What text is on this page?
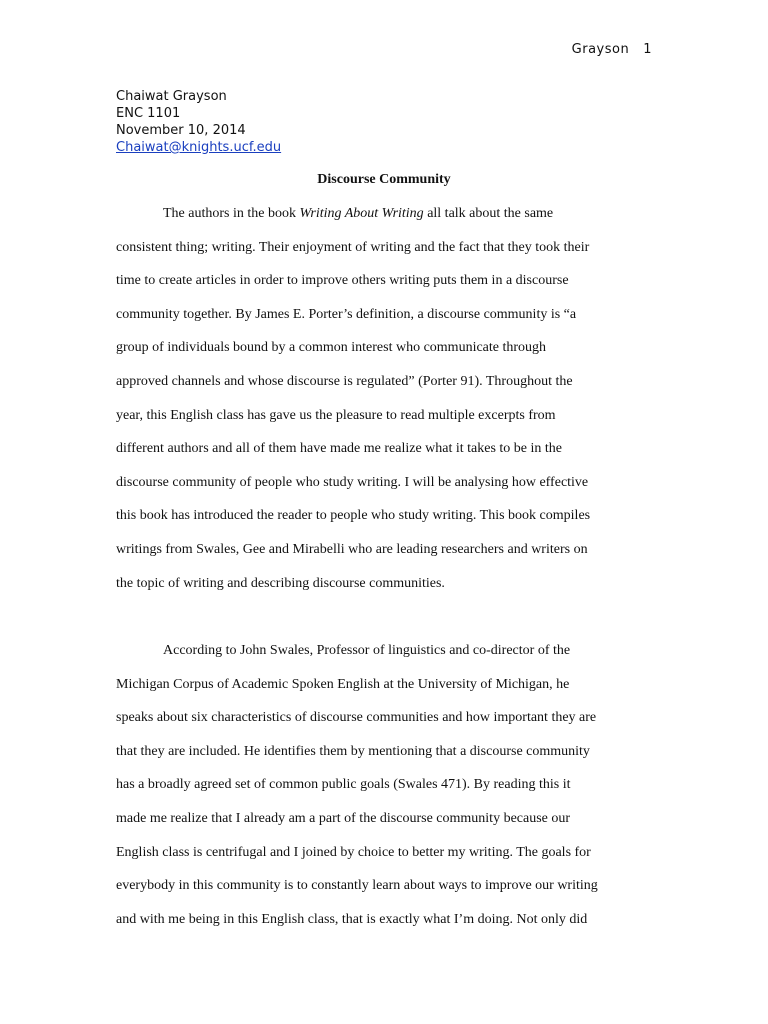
Grayson 1
Chaiwat Grayson
ENC 1101
November 10, 2014
Chaiwat@knights.ucf.edu
Discourse Community
The authors in the book Writing About Writing all talk about the same
consistent thing; writing. Their enjoyment of writing and the fact that they took their
time to create articles in order to improve others writing puts them in a discourse
community together. By James E. Porter’s definition, a discourse community is “a
group of individuals bound by a common interest who communicate through
approved channels and whose discourse is regulated” (Porter 91). Throughout the
year, this English class has gave us the pleasure to read multiple excerpts from
different authors and all of them have made me realize what it takes to be in the
discourse community of people who study writing. I will be analysing how effective
this book has introduced the reader to people who study writing. This book compiles
writings from Swales, Gee and Mirabelli who are leading researchers and writers on
the topic of writing and describing discourse communities.
According to John Swales, Professor of linguistics and co-director of the
Michigan Corpus of Academic Spoken English at the University of Michigan, he
speaks about six characteristics of discourse communities and how important they are
that they are included. He identifies them by mentioning that a discourse community
has a broadly agreed set of common public goals (Swales 471). By reading this it
made me realize that I already am a part of the discourse community because our
English class is centrifugal and I joined by choice to better my writing. The goals for
everybody in this community is to constantly learn about ways to improve our writing
and with me being in this English class, that is exactly what I’m doing. Not only did
